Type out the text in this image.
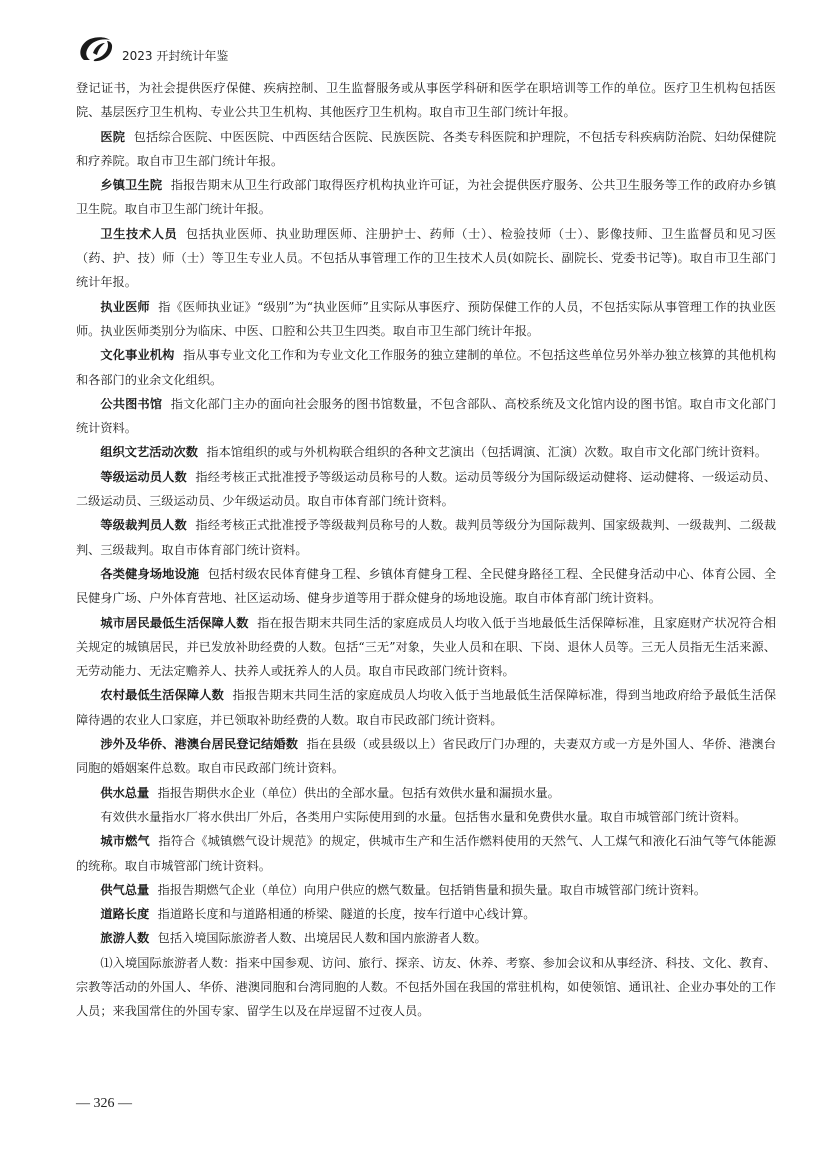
2023 开封统计年鉴

登记证书，为社会提供医疗保健、疾病控制、卫生监督服务或从事医学科研和医学在职培训等工作的单位。医疗卫生机构包括医院、基层医疗卫生机构、专业公共卫生机构、其他医疗卫生机构。取自市卫生部门统计年报。

医院 包括综合医院、中医医院、中西医结合医院、民族医院、各类专科医院和护理院，不包括专科疾病防治院、妇幼保健院和疗养院。取自市卫生部门统计年报。

乡镇卫生院 指报告期末从卫生行政部门取得医疗机构执业许可证，为社会提供医疗服务、公共卫生服务等工作的政府办乡镇卫生院。取自市卫生部门统计年报。

卫生技术人员 包括执业医师、执业助理医师、注册护士、药师（士）、检验技师（士）、影像技师、卫生监督员和见习医（药、护、技）师（士）等卫生专业人员。不包括从事管理工作的卫生技术人员(如院长、副院长、党委书记等)。取自市卫生部门统计年报。

执业医师 指《医师执业证》“级别”为“执业医师”且实际从事医疗、预防保健工作的人员，不包括实际从事管理工作的执业医师。执业医师类别分为临床、中医、口腔和公共卫生四类。取自市卫生部门统计年报。

文化事业机构 指从事专业文化工作和为专业文化工作服务的独立建制的单位。不包括这些单位另外举办独立核算的其他机构和各部门的业余文化组织。

公共图书馆 指文化部门主办的面向社会服务的图书馆数量，不包含部队、高校系统及文化馆内设的图书馆。取自市文化部门统计资料。

组织文艺活动次数 指本馆组织的或与外机构联合组织的各种文艺演出（包括调演、汇演）次数。取自市文化部门统计资料。

等级运动员人数 指经考核正式批准授予等级运动员称号的人数。运动员等级分为国际级运动健将、运动健将、一级运动员、二级运动员、三级运动员、少年级运动员。取自市体育部门统计资料。

等级裁判员人数 指经考核正式批准授予等级裁判员称号的人数。裁判员等级分为国际裁判、国家级裁判、一级裁判、二级裁判、三级裁判。取自市体育部门统计资料。

各类健身场地设施 包括村级农民体育健身工程、乡镇体育健身工程、全民健身路径工程、全民健身活动中心、体育公园、全民健身广场、户外体育营地、社区运动场、健身步道等用于群众健身的场地设施。取自市体育部门统计资料。

城市居民最低生活保障人数 指在报告期末共同生活的家庭成员人均收入低于当地最低生活保障标准，且家庭财产状况符合相关规定的城镇居民，并已发放补助经费的人数。包括“三无”对象，失业人员和在职、下岗、退休人员等。三无人员指无生活来源、无劳动能力、无法定赡养人、扶养人或抚养人的人员。取自市民政部门统计资料。

农村最低生活保障人数 指报告期末共同生活的家庭成员人均收入低于当地最低生活保障标准，得到当地政府给予最低生活保障待遇的农业人口家庭，并已领取补助经费的人数。取自市民政部门统计资料。

涉外及华侨、港澳台居民登记结婚数 指在县级（或县级以上）省民政厅门办理的，夫妻双方或一方是外国人、华侨、港澳台同胞的婚姻案件总数。取自市民政部门统计资料。

供水总量 指报告期供水企业（单位）供出的全部水量。包括有效供水量和漏损水量。

有效供水量指水厂将水供出厂外后，各类用户实际使用到的水量。包括售水量和免费供水量。取自市城管部门统计资料。

城市燃气 指符合《城镇燃气设计规范》的规定，供城市生产和生活作燃料使用的天然气、人工煤气和液化石油气等气体能源的统称。取自市城管部门统计资料。

供气总量 指报告期燃气企业（单位）向用户供应的燃气数量。包括销售量和损失量。取自市城管部门统计资料。

道路长度 指道路长度和与道路相通的桥梁、隧道的长度，按车行道中心线计算。

旅游人数 包括入境国际旅游者人数、出境居民人数和国内旅游者人数。

⑴入境国际旅游者人数：指来中国参观、访问、旅行、探亲、访友、休养、考察、参加会议和从事经济、科技、文化、教育、宗教等活动的外国人、华侨、港澳同胞和台湾同胞的人数。不包括外国在我国的常驻机构，如使领馆、通讯社、企业办事处的工作人员；来我国常住的外国专家、留学生以及在岸逗留不过夜人员。

— 326 —
